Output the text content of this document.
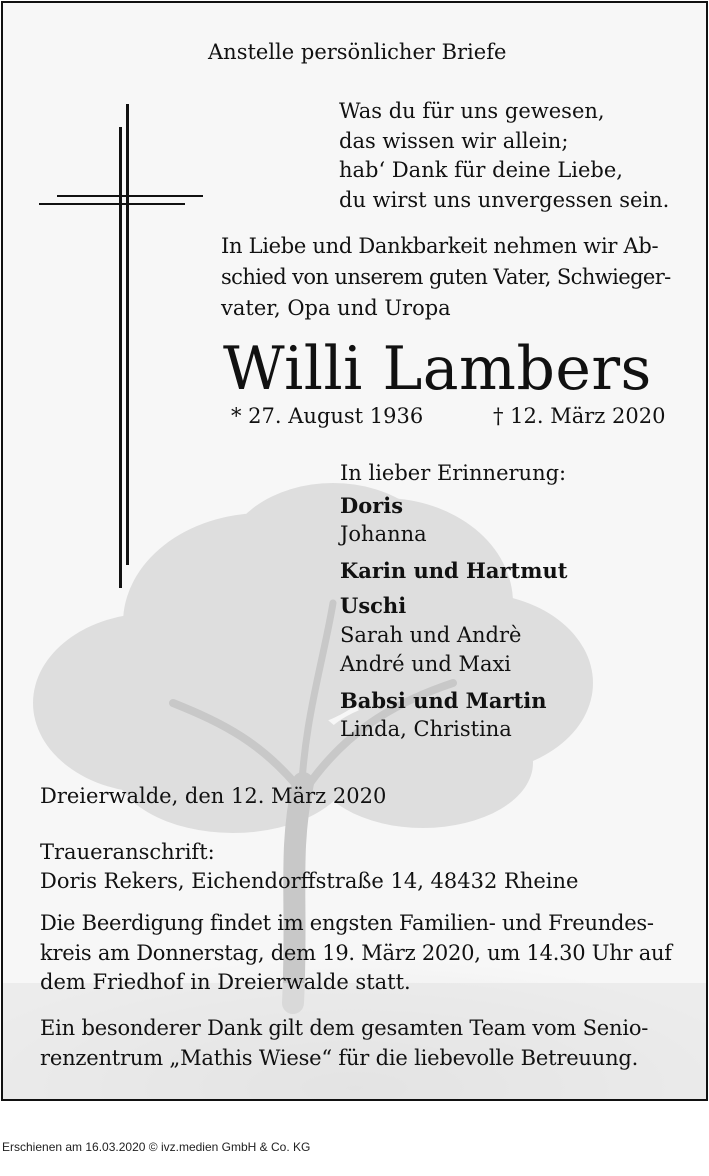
Anstelle persönlicher Briefe
Was du für uns gewesen,
das wissen wir allein;
hab‘ Dank für deine Liebe,
du wirst uns unvergessen sein.
In Liebe und Dankbarkeit nehmen wir Ab-
schied von unserem guten Vater, Schwieger-
vater, Opa und Uropa
Willi Lambers
* 27. August 1936	† 12. März 2020
In lieber Erinnerung:
Doris
Johanna
Karin und Hartmut
Uschi
Sarah und Andrè
André und Maxi
Babsi und Martin
Linda, Christina
Dreierwalde, den 12. März 2020
Traueranschrift:
Doris Rekers, Eichendorffstraße 14, 48432 Rheine
Die Beerdigung findet im engsten Familien- und Freundes-
kreis am Donnerstag, dem 19. März 2020, um 14.30 Uhr auf
dem Friedhof in Dreierwalde statt.
Ein besonderer Dank gilt dem gesamten Team vom Senio-
renzentrum „Mathis Wiese“ für die liebevolle Betreuung.
Erschienen am 16.03.2020 © ivz.medien GmbH & Co. KG
